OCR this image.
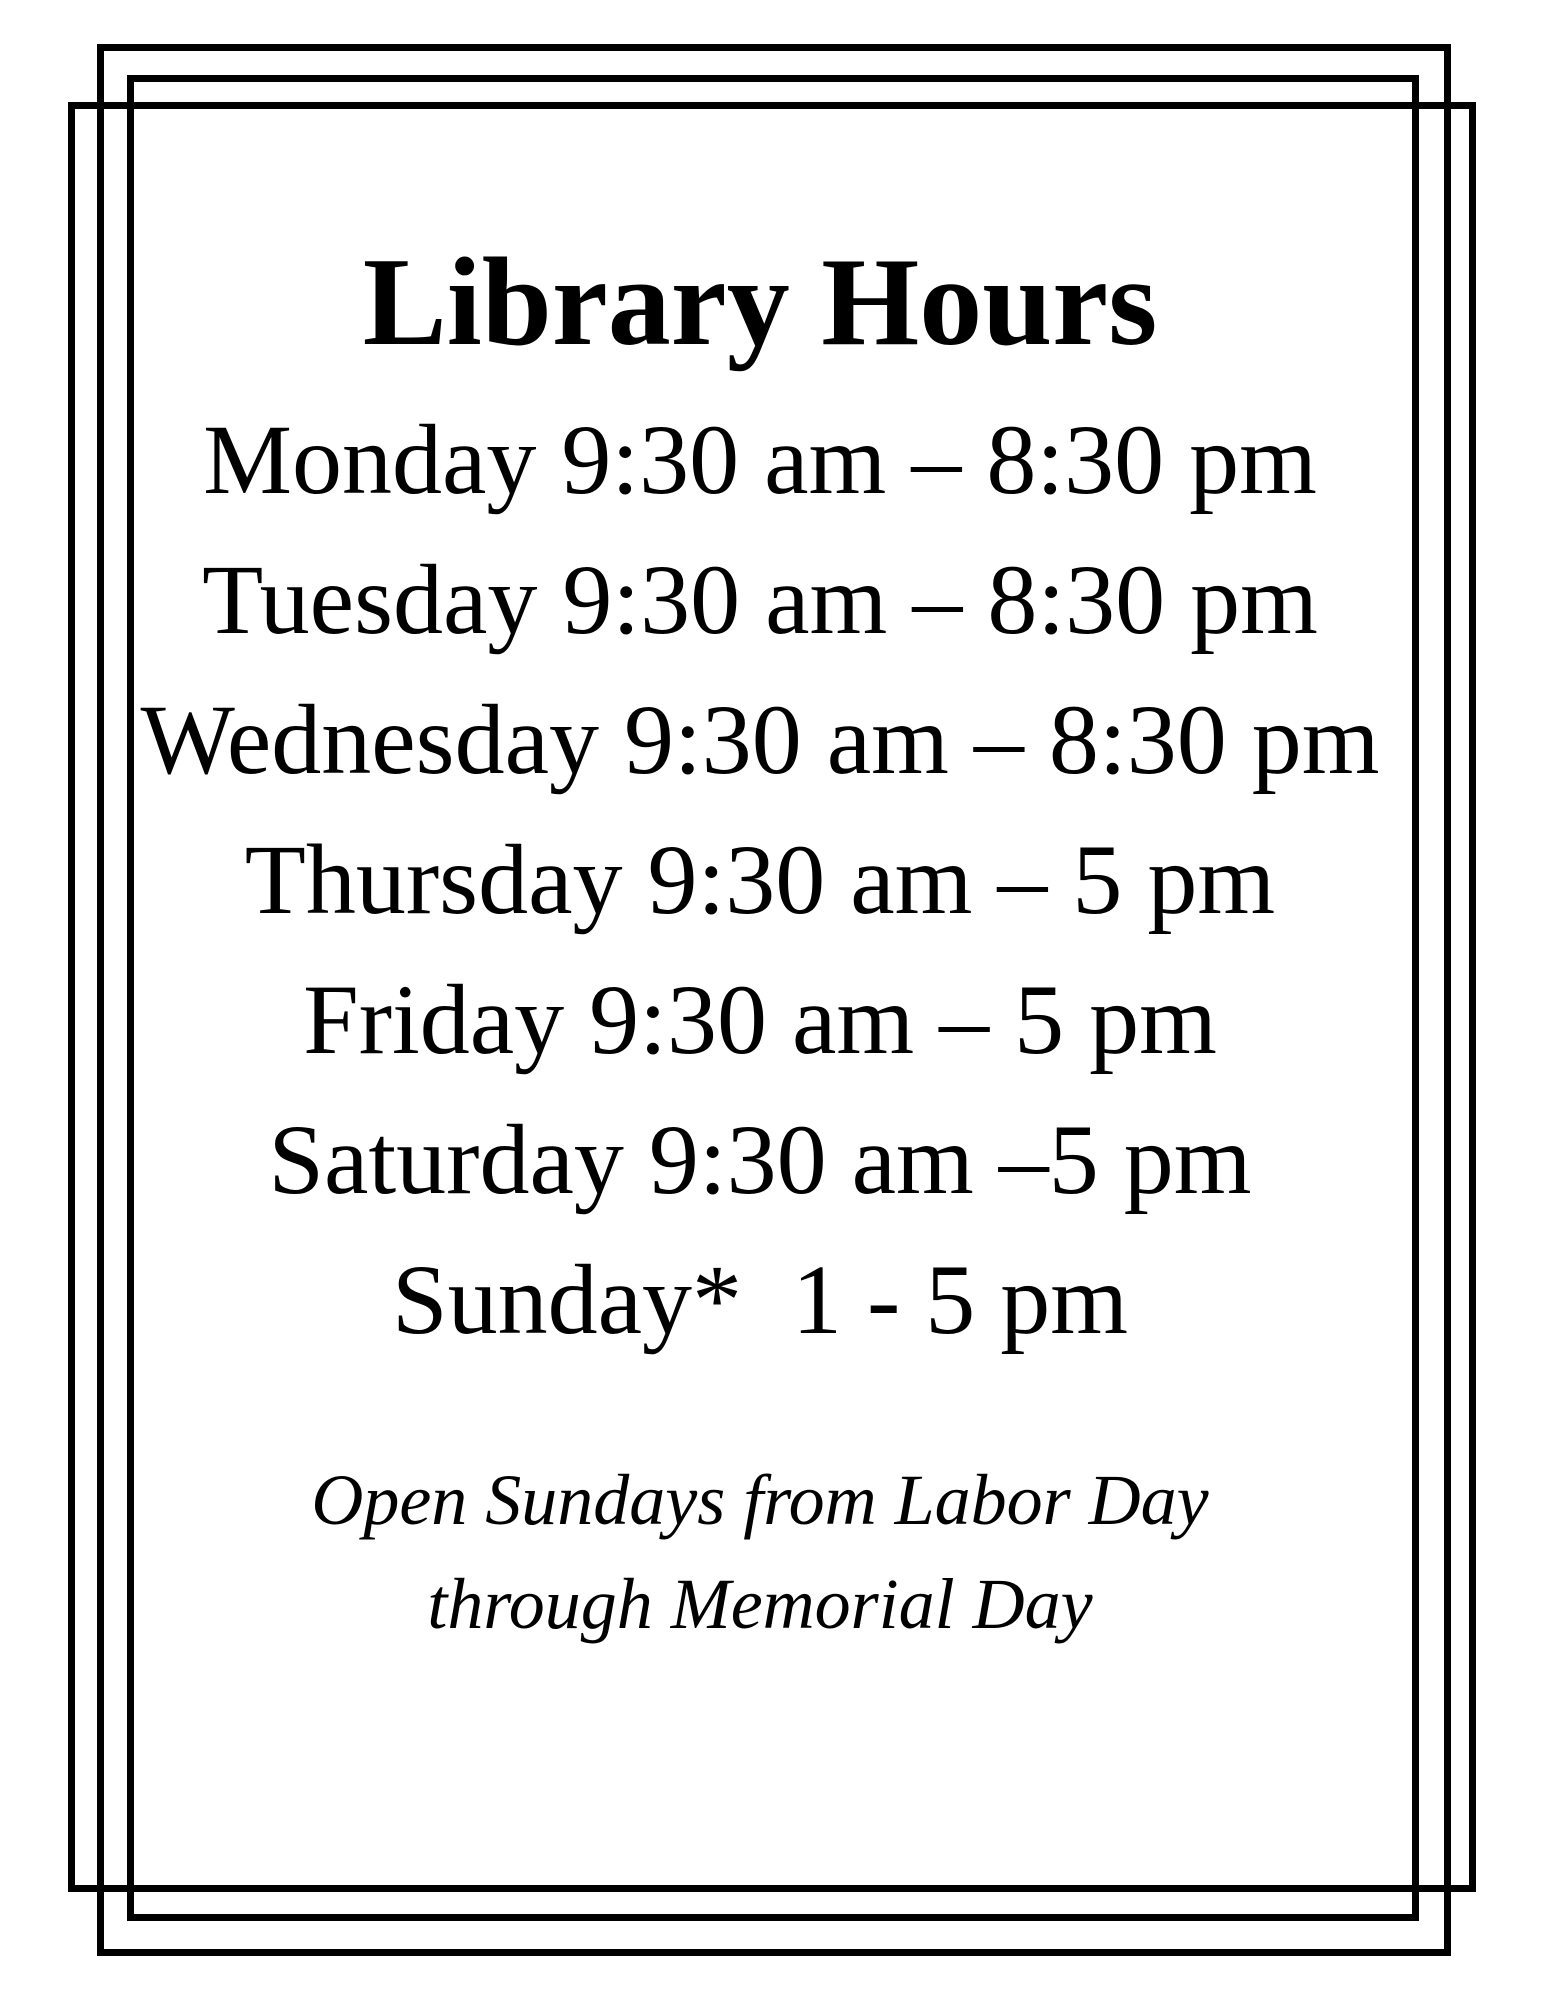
Library Hours
Monday 9:30 am – 8:30 pm
Tuesday 9:30 am – 8:30 pm
Wednesday 9:30 am – 8:30 pm
Thursday 9:30 am – 5 pm
Friday 9:30 am – 5 pm
Saturday 9:30 am –5 pm
Sunday*  1 - 5 pm
Open Sundays from Labor Day
through Memorial Day
